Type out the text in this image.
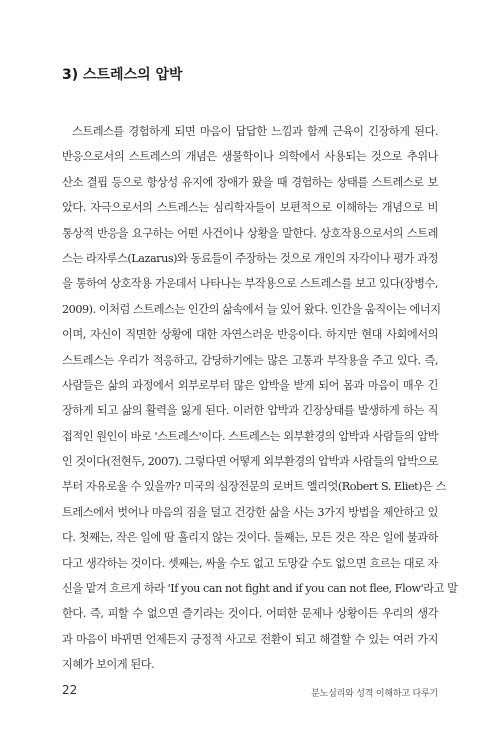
3) 스트레스의 압박
스트레스를 경험하게 되면 마음이 답답한 느낌과 함께 근육이 긴장하게 된다.
반응으로서의 스트레스의 개념은 생물학이나 의학에서 사용되는 것으로 추위나
산소 결핍 등으로 항상성 유지에 장애가 왔을 때 경험하는 상태를 스트레스로 보
았다. 자극으로서의 스트레스는 심리학자들이 보편적으로 이해하는 개념으로 비
통상적 반응을 요구하는 어떤 사건이나 상황을 말한다. 상호작용으로서의 스트레
스는 라자루스(Lazarus)와 동료들이 주장하는 것으로 개인의 자각이나 평가 과정
을 통하여 상호작용 가운데서 나타나는 부작용으로 스트레스를 보고 있다(장병수,
2009). 이처럼 스트레스는 인간의 삶속에서 늘 있어 왔다. 인간을 움직이는 에너지
이며, 자신이 직면한 상황에 대한 자연스러운 반응이다. 하지만 현대 사회에서의
스트레스는 우리가 적응하고, 감당하기에는 많은 고통과 부작용을 주고 있다. 즉,
사람들은 삶의 과정에서 외부로부터 많은 압박을 받게 되어 몸과 마음이 매우 긴
장하게 되고 삶의 활력을 잃게 된다. 이러한 압박과 긴장상태를 발생하게 하는 직
접적인 원인이 바로 '스트레스'이다. 스트레스는 외부환경의 압박과 사람들의 압박
인 것이다(전현두, 2007). 그렇다면 어떻게 외부환경의 압박과 사람들의 압박으로
부터 자유로울 수 있을까? 미국의 심장전문의 로버트 엘리엇(Robert S. Eliet)은 스
트레스에서 벗어나 마음의 짐을 덜고 건강한 삶을 사는 3가지 방법을 제안하고 있
다. 첫째는, 작은 일에 땀 흘리지 않는 것이다. 둘째는, 모든 것은 작은 일에 불과하
다고 생각하는 것이다. 셋째는, 싸울 수도 없고 도망갈 수도 없으면 흐르는 대로 자
신을 맡겨 흐르게 하라 'If you can not fight and if you can not flee, Flow'라고 말
한다. 즉, 피할 수 없으면 즐기라는 것이다. 어떠한 문제나 상황이든 우리의 생각
과 마음이 바뀌면 언제든지 긍정적 사고로 전환이 되고 해결할 수 있는 여러 가지
지혜가 보이게 된다.
22	분노심리와 성격 이해하고 다루기
